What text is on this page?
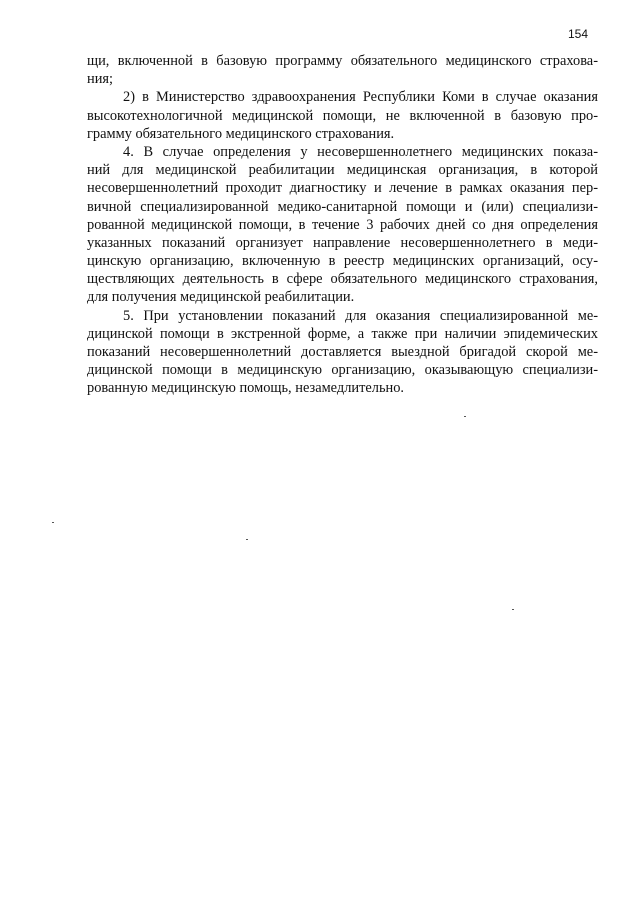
154
щи, включенной в базовую программу обязательного медицинского страхова-
ния;
2) в Министерство здравоохранения Республики Коми в случае оказания
высокотехнологичной медицинской помощи, не включенной в базовую про-
грамму обязательного медицинского страхования.
4. В случае определения у несовершеннолетнего медицинских показа-
ний для медицинской реабилитации медицинская организация, в которой
несовершеннолетний проходит диагностику и лечение в рамках оказания пер-
вичной специализированной медико-санитарной помощи и (или) специализи-
рованной медицинской помощи, в течение 3 рабочих дней со дня определения
указанных показаний организует направление несовершеннолетнего в меди-
цинскую организацию, включенную в реестр медицинских организаций, осу-
ществляющих деятельность в сфере обязательного медицинского страхования,
для получения медицинской реабилитации.
5. При установлении показаний для оказания специализированной ме-
дицинской помощи в экстренной форме, а также при наличии эпидемических
показаний несовершеннолетний доставляется выездной бригадой скорой ме-
дицинской помощи в медицинскую организацию, оказывающую специализи-
рованную медицинскую помощь, незамедлительно.
